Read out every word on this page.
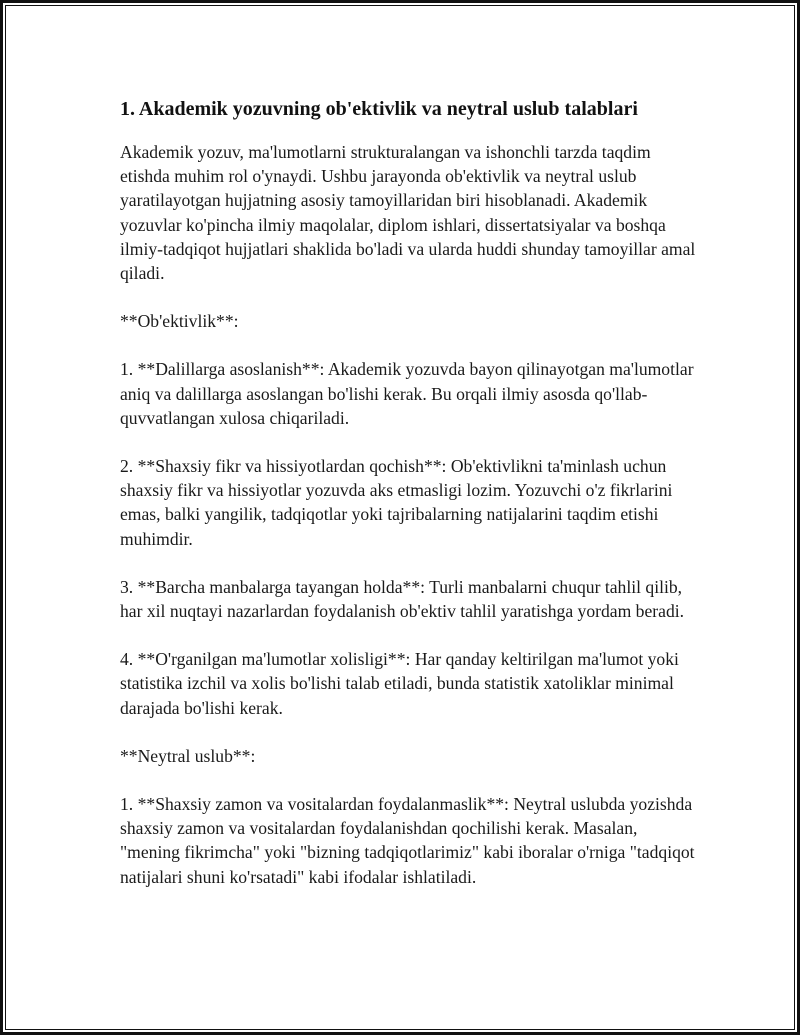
1. Akademik yozuvning ob'ektivlik va neytral uslub talablari

Akademik yozuv, ma'lumotlarni strukturalangan va ishonchli tarzda taqdim etishda muhim rol o'ynaydi. Ushbu jarayonda ob'ektivlik va neytral uslub yaratilayotgan hujjatning asosiy tamoyillaridan biri hisoblanadi. Akademik yozuvlar ko'pincha ilmiy maqolalar, diplom ishlari, dissertatsiyalar va boshqa ilmiy-tadqiqot hujjatlari shaklida bo'ladi va ularda huddi shunday tamoyillar amal qiladi.

**Ob'ektivlik**:

1. **Dalillarga asoslanish**: Akademik yozuvda bayon qilinayotgan ma'lumotlar aniq va dalillarga asoslangan bo'lishi kerak. Bu orqali ilmiy asosda qo'llab-quvvatlangan xulosa chiqariladi.

2. **Shaxsiy fikr va hissiyotlardan qochish**: Ob'ektivlikni ta'minlash uchun shaxsiy fikr va hissiyotlar yozuvda aks etmasligi lozim. Yozuvchi o'z fikrlarini emas, balki yangilik, tadqiqotlar yoki tajribalarning natijalarini taqdim etishi muhimdir.

3. **Barcha manbalarga tayangan holda**: Turli manbalarni chuqur tahlil qilib, har xil nuqtayi nazarlardan foydalanish ob'ektiv tahlil yaratishga yordam beradi.

4. **O'rganilgan ma'lumotlar xolisligi**: Har qanday keltirilgan ma'lumot yoki statistika izchil va xolis bo'lishi talab etiladi, bunda statistik xatoliklar minimal darajada bo'lishi kerak.

**Neytral uslub**:

1. **Shaxsiy zamon va vositalardan foydalanmaslik**: Neytral uslubda yozishda shaxsiy zamon va vositalardan foydalanishdan qochilishi kerak. Masalan, "mening fikrimcha" yoki "bizning tadqiqotlarimiz" kabi iboralar o'rniga "tadqiqot natijalari shuni ko'rsatadi" kabi ifodalar ishlatiladi.
